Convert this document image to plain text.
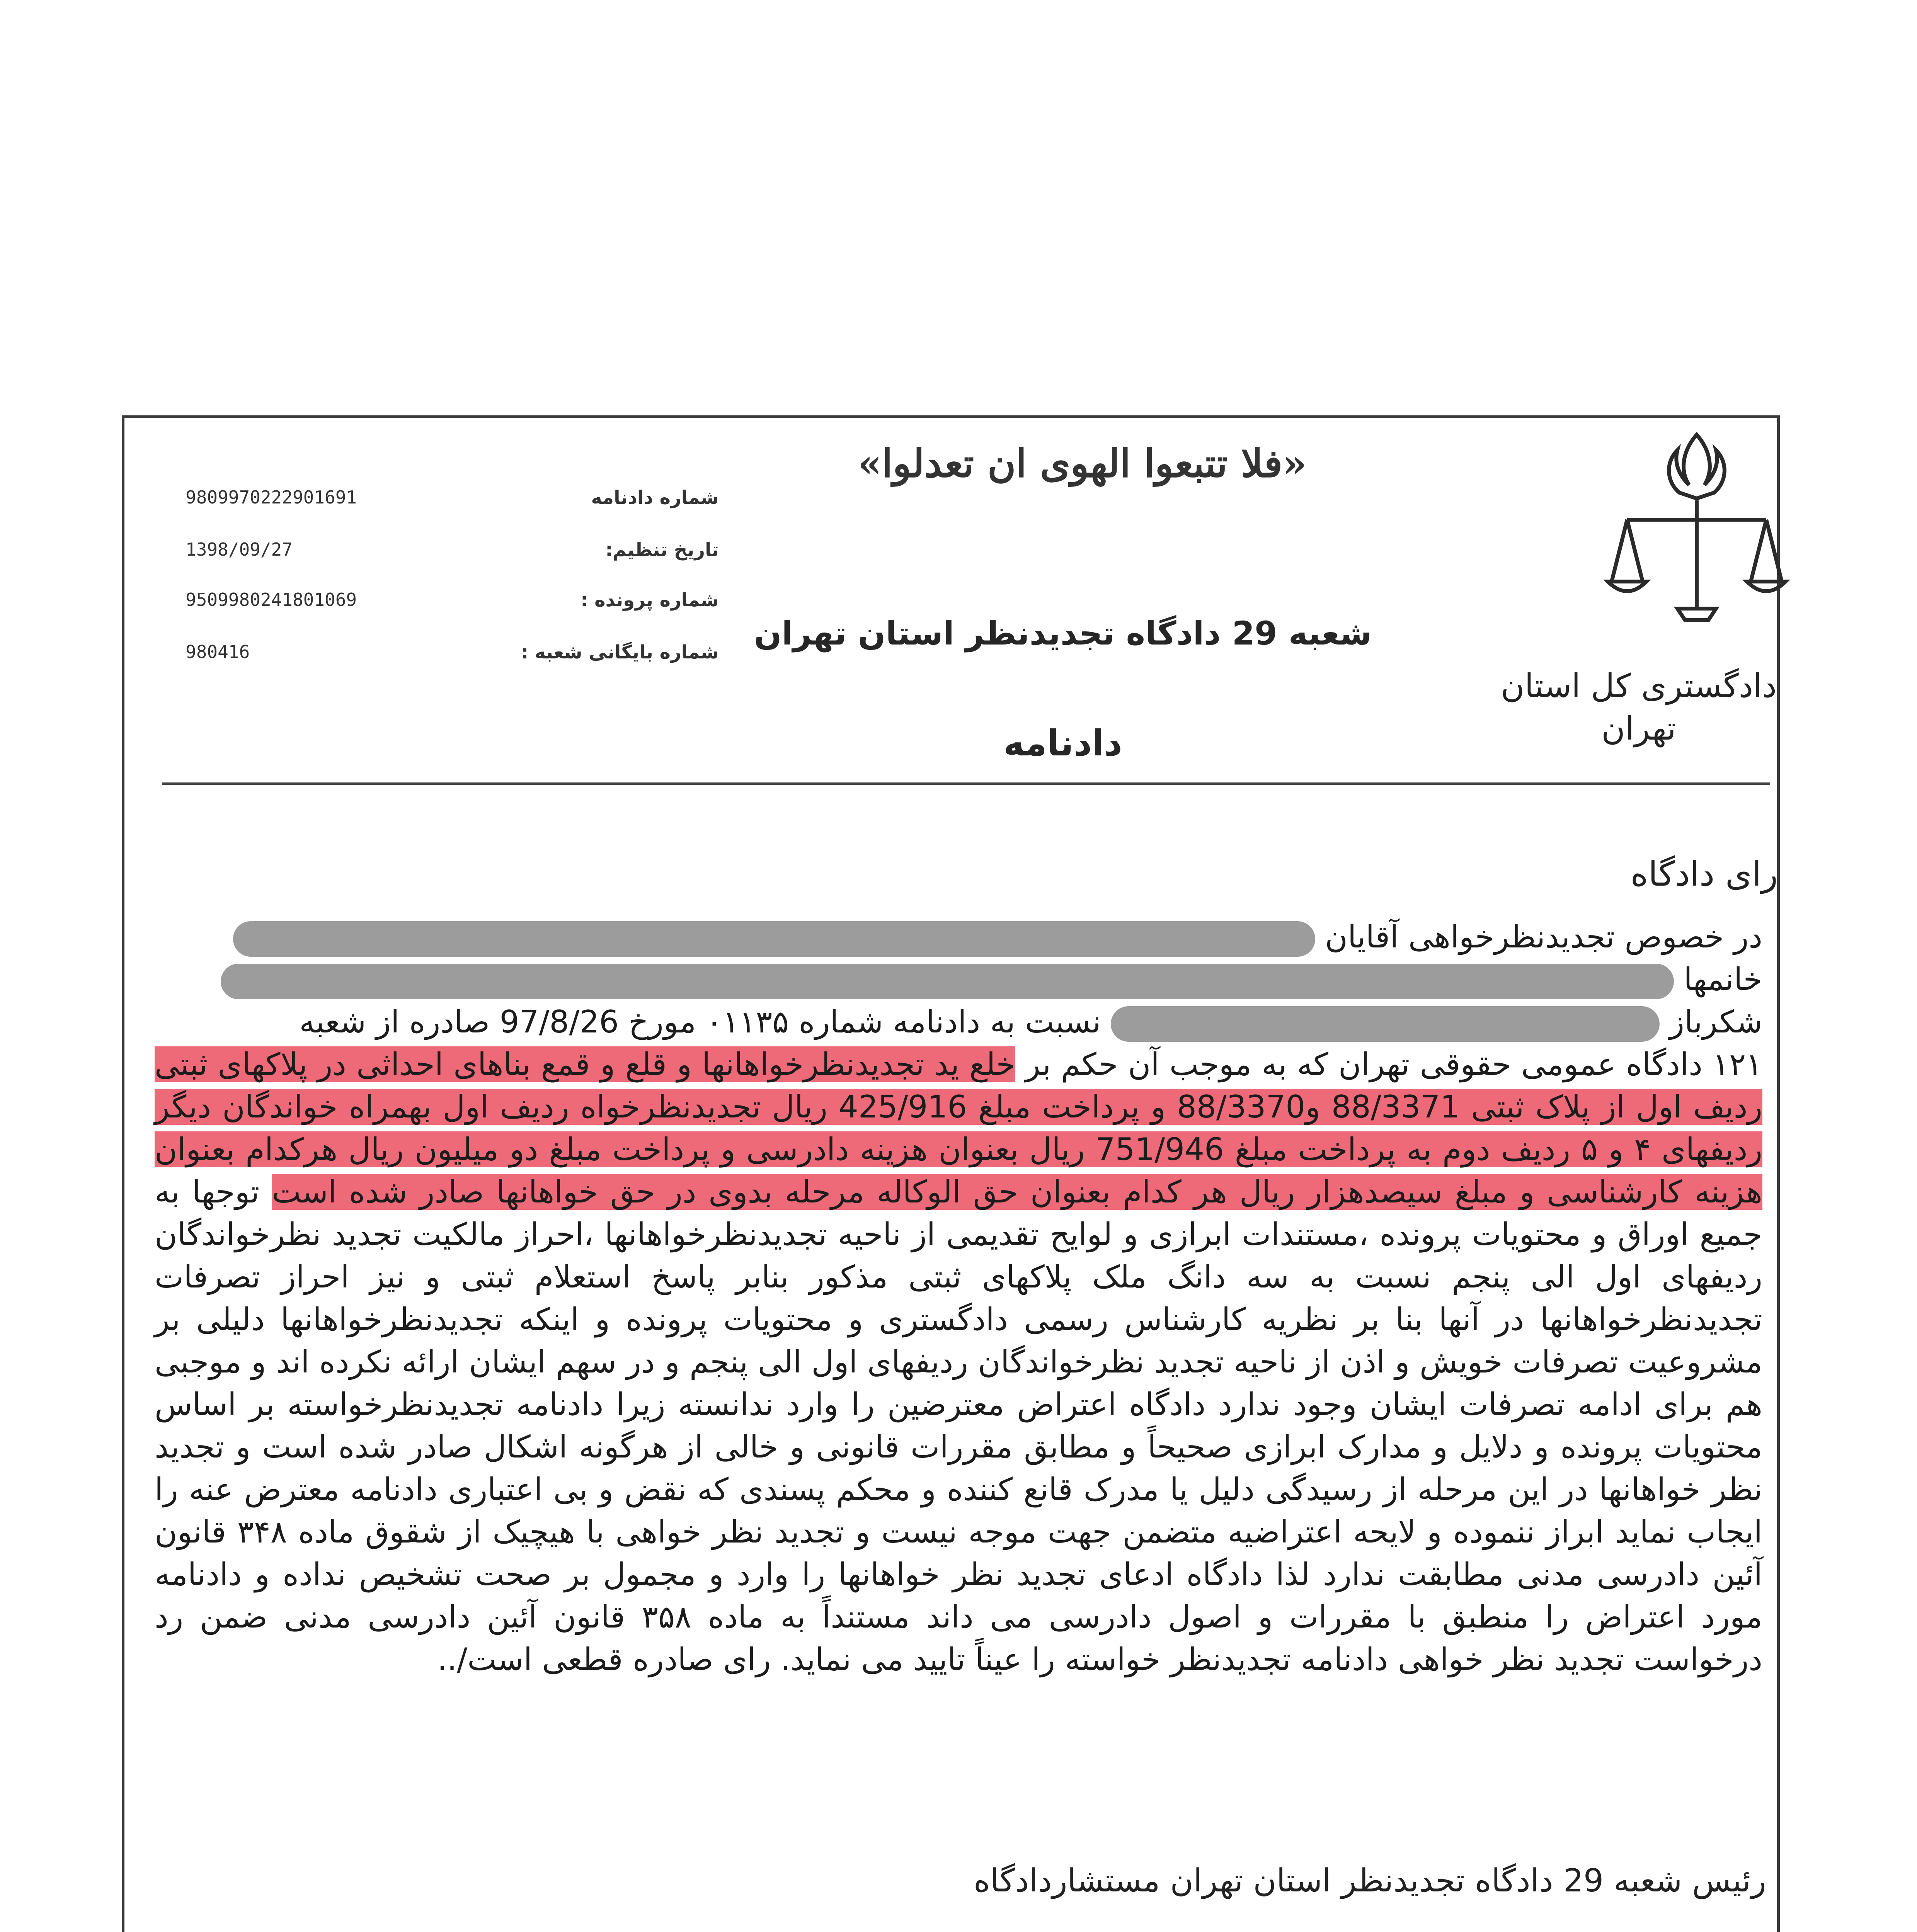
«فلا تتبعوا الهوی ان تعدلوا»
شعبه 29 دادگاه تجدیدنظر استان تهران
دادگستری کل استان
تهران
دادنامه
شماره دادنامه
9809970222901691
تاریخ تنظیم:
1398/09/27
شماره پرونده :
9509980241801069
شماره بایگانی شعبه :
980416
رای دادگاه
در خصوص تجدیدنظرخواهی آقایان
خانمها
شکرباز  نسبت به دادنامه شماره ۰۱۱۳۵ مورخ 97/8/26 صادره از شعبه

۱۲۱ دادگاه عمومی حقوقی تهران که به موجب آن حکم بر خلع ید تجدیدنظرخواهانها و قلع و قمع بناهای احداثی در پلاکهای ثبتی ردیف اول از پلاک ثبتی 88/3371 و88/3370 و پرداخت مبلغ 425/916 ریال تجدیدنظرخواه ردیف اول بهمراه خواندگان دیگر ردیفهای ۴ و ۵ ردیف دوم به پرداخت مبلغ 751/946 ریال بعنوان هزینه دادرسی و پرداخت مبلغ دو میلیون ریال هرکدام بعنوان هزینه کارشناسی و مبلغ سیصدهزار ریال هر کدام بعنوان حق الوکاله مرحله بدوی در حق خواهانها صادر شده است توجها به جمیع اوراق و محتویات پرونده ،مستندات ابرازی و لوایح تقدیمی از ناحیه تجدیدنظرخواهانها ،احراز مالکیت تجدید نظرخواندگان ردیفهای اول الی پنجم نسبت به سه دانگ ملک پلاکهای ثبتی مذکور بنابر پاسخ استعلام ثبتی و نیز احراز تصرفات تجدیدنظرخواهانها در آنها بنا بر نظریه کارشناس رسمی دادگستری و محتویات پرونده و اینکه تجدیدنظرخواهانها دلیلی بر مشروعیت تصرفات خویش و اذن از ناحیه تجدید نظرخواندگان ردیفهای اول الی پنجم و در سهم ایشان ارائه نکرده اند و موجبی هم برای ادامه تصرفات ایشان وجود ندارد دادگاه اعتراض معترضین را وارد ندانسته زیرا دادنامه تجدیدنظرخواسته بر اساس محتویات پرونده و دلایل و مدارک ابرازی صحیحاً و مطابق مقررات قانونی و خالی از هرگونه اشکال صادر شده است و تجدید نظر خواهانها در این مرحله از رسیدگی دلیل یا مدرک قانع کننده و محکم پسندی که نقض و بی اعتباری دادنامه معترض عنه را ایجاب نماید ابراز ننموده و لایحه اعتراضیه متضمن جهت موجه نیست و تجدید نظر خواهی با هیچیک از شقوق ماده ۳۴۸ قانون آئین دادرسی مدنی مطابقت ندارد لذا دادگاه ادعای تجدید نظر خواهانها را وارد و مجمول بر صحت تشخیص نداده و دادنامه مورد اعتراض را منطبق با مقررات و اصول دادرسی می داند مستنداً به ماده ۳۵۸ قانون آئین دادرسی مدنی ضمن رد درخواست تجدید نظر خواهی دادنامه تجدیدنظر خواسته را عیناً تایید می نماید. رای صادره قطعی است/..

رئیس شعبه 29 دادگاه تجدیدنظر استان تهران مستشاردادگاه
